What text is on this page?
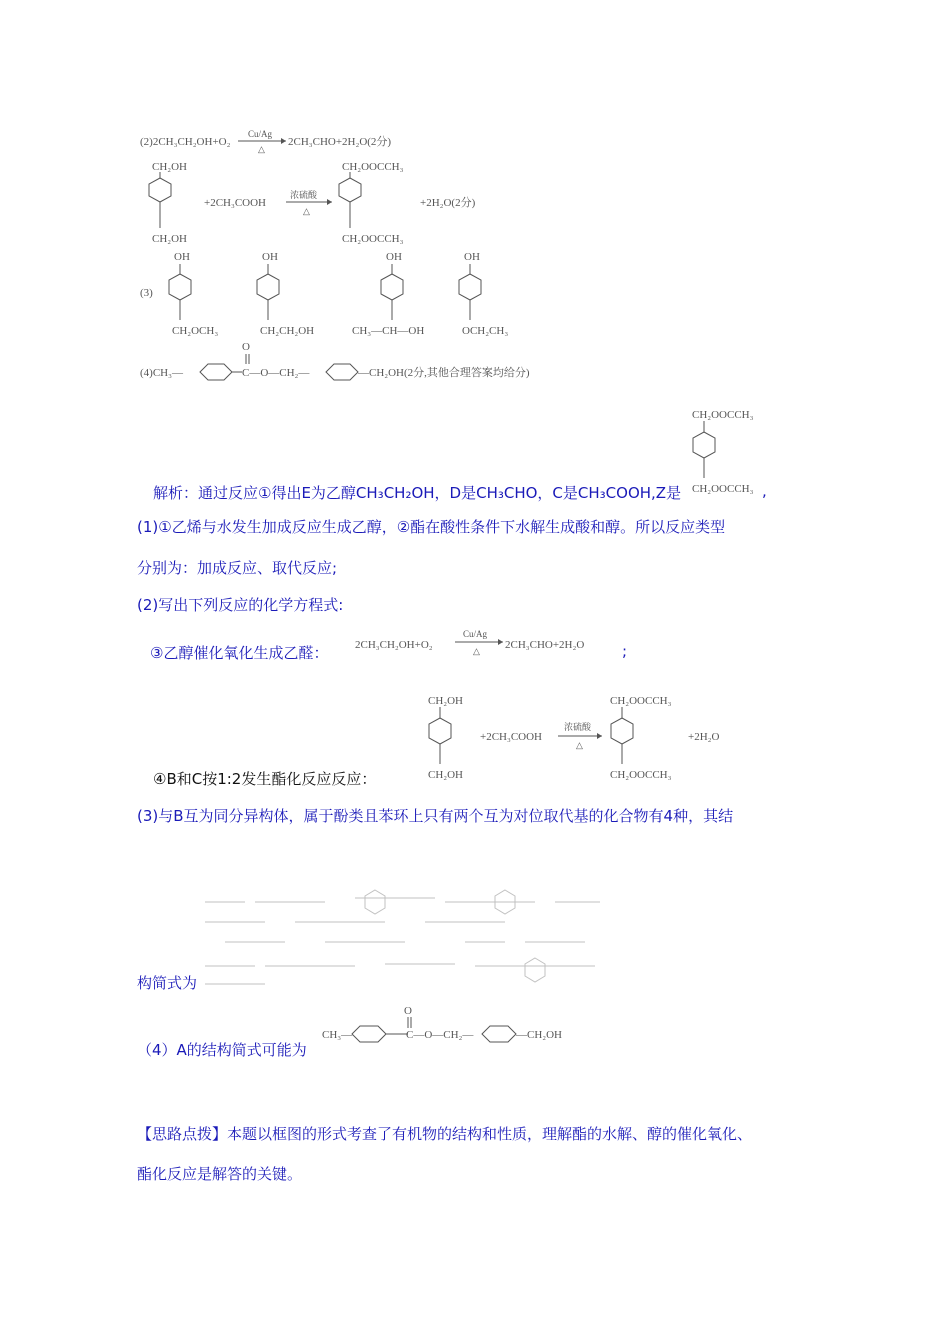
(2)2CH₃CH₂OH+O₂
Cu/Ag
△
2CH₃CHO+2H₂O(2分)
CH₂OH
CH₂OH
+2CH₃COOH
浓硫酸
△
CH₂OOCCH₃
CH₂OOCCH₃
+2H₂O(2分)
(3)
OH
CH₂OCH₃
OH
CH₂CH₂OH
OH
CH₃—CH—OH
OH
OCH₂CH₃
(4)CH₃—
O
C—O—CH₂—	—CH₂OH(2分,其他合理答案均给分)
CH₂OOCCH₃
CH₂OOCCH₃
解析：通过反应①得出E为乙醇CH₃CH₂OH，D是CH₃CHO，C是CH₃COOH,Z是	,
(1)①乙烯与水发生加成反应生成乙醇，②酯在酸性条件下水解生成酸和醇。所以反应类型
分别为：加成反应、取代反应;
(2)写出下列反应的化学方程式:
③乙醇催化氧化生成乙醛： 2CH₃CH₂OH+O₂
Cu/Ag
△ 2CH₃CHO+2H₂O	;
CH₂OH
CH₂OH
+2CH₃COOH
浓硫酸
△
CH₂OOCCH₃
CH₂OOCCH₃
+2H₂O
④B和C按1:2发生酯化反应反应：
(3)与B互为同分异构体，属于酚类且苯环上只有两个互为对位取代基的化合物有4种，其结
构简式为
（4）A的结构简式可能为
CH₃—
O
C—O—CH₂—	—CH₂OH
【思路点拨】本题以框图的形式考查了有机物的结构和性质，理解酯的水解、醇的催化氧化、
酯化反应是解答的关键。
